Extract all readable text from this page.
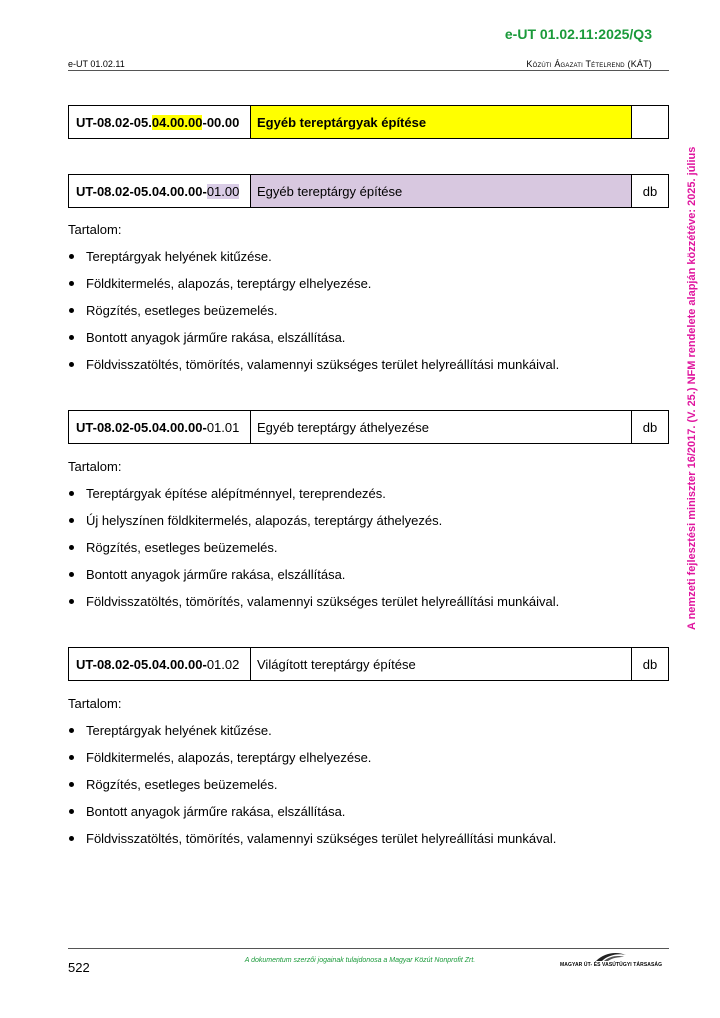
e-UT 01.02.11:2025/Q3
e-UT 01.02.11	Közúti Ágazati Tételrend (KÁT)
A nemzeti fejlesztési miniszter 16/2017. (V. 25.) NFM rendelete alapján közzétéve: 2025. július
UT-08.02-05. 04.00.00 -00.00	Egyéb tereptárgyak építése
UT-08.02-05.04.00.00- 01.00	Egyéb tereptárgy építése	db
Tartalom:
Tereptárgyak helyének kitűzése.
Földkitermelés, alapozás, tereptárgy elhelyezése.
Rögzítés, esetleges beüzemelés.
Bontott anyagok járműre rakása, elszállítása.
Földvisszatöltés, tömörítés, valamennyi szükséges terület helyreállítási munkáival.
UT-08.02-05.04.00.00- 01.01	Egyéb tereptárgy áthelyezése	db
Tartalom:
Tereptárgyak építése alépítménnyel, tereprendezés.
Új helyszínen földkitermelés, alapozás, tereptárgy áthelyezés.
Rögzítés, esetleges beüzemelés.
Bontott anyagok járműre rakása, elszállítása.
Földvisszatöltés, tömörítés, valamennyi szükséges terület helyreállítási munkáival.
UT-08.02-05.04.00.00- 01.02	Világított tereptárgy építése	db
Tartalom:
Tereptárgyak helyének kitűzése.
Földkitermelés, alapozás, tereptárgy elhelyezése.
Rögzítés, esetleges beüzemelés.
Bontott anyagok járműre rakása, elszállítása.
Földvisszatöltés, tömörítés, valamennyi szükséges terület helyreállítási munkával.
522	A dokumentum szerzői jogainak tulajdonosa a Magyar Közút Nonprofit Zrt.
MAGYAR ÚT- ÉS VASÚTÜGYI TÁRSASÁG
